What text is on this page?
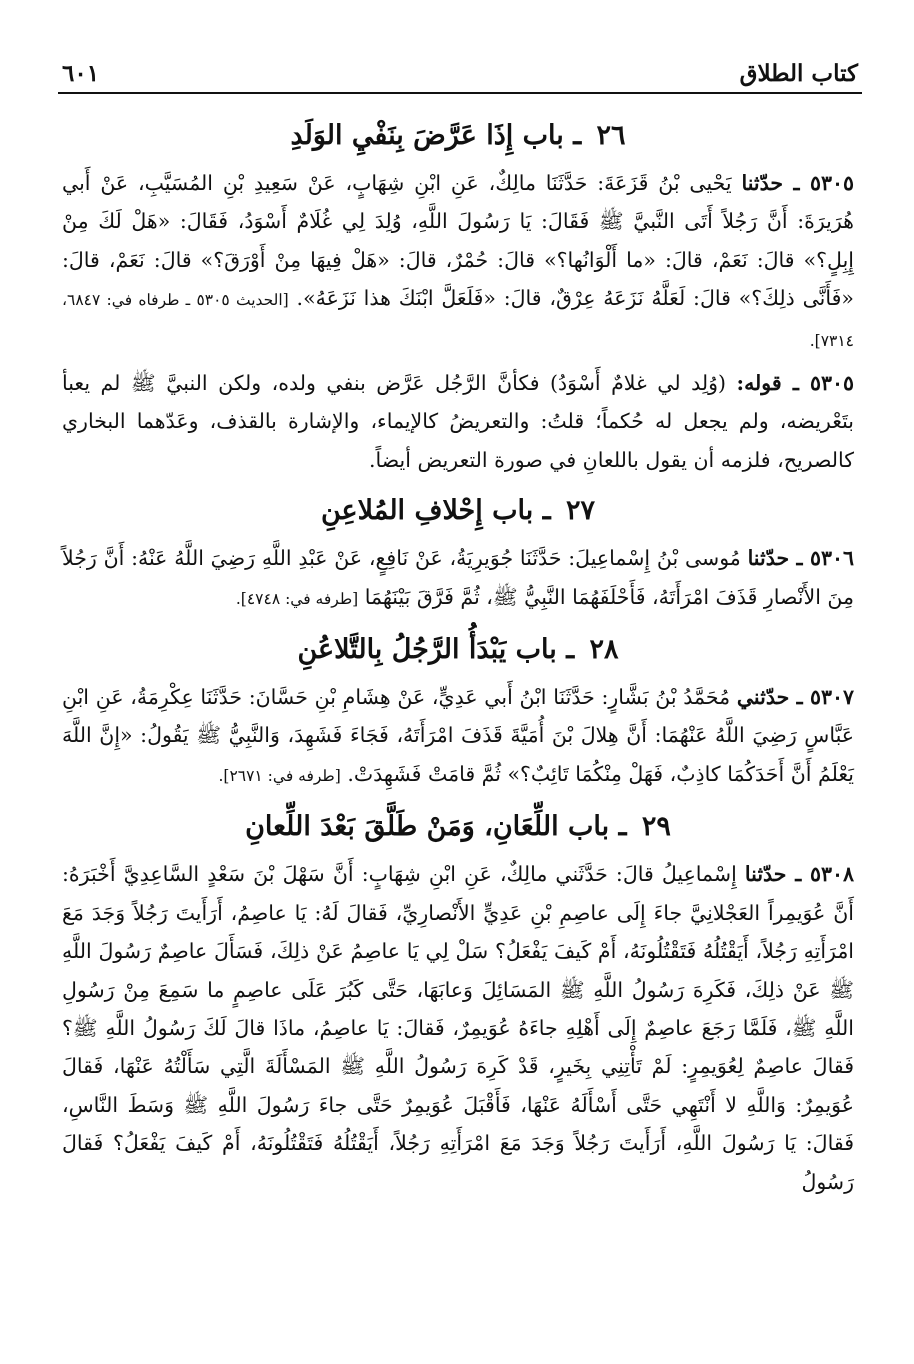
كتاب الطلاق
٦٠١
٢٦ ـ باب إِذَا عَرَّضَ بِنَفْيِ الوَلَدِ

٥٣٠٥ ـ حدّثنا يَحْيى بْنُ قَزَعَةَ: حَدَّثَنَا مالِكٌ، عَنِ ابْنِ شِهَابٍ، عَنْ سَعِيدِ بْنِ المُسَيَّبِ، عَنْ أَبي هُرَيرَةَ: أَنَّ رَجُلاً أَتَى النَّبيَّ ﷺ فَقَالَ: يَا رَسُولَ اللَّهِ، وُلِدَ لِي غُلَامٌ أَسْوَدُ، فَقَالَ: «هَلْ لَكَ مِنْ إِبِلٍ؟» قالَ: نَعَمْ، قالَ: «ما أَلْوَانُها؟» قالَ: حُمْرٌ، قالَ: «هَلْ فِيهَا مِنْ أَوْرَقَ؟» قالَ: نَعَمْ، قالَ: «فَأَنَّى ذلِكَ؟» قالَ: لَعَلَّهُ نَزَعَهُ عِرْقٌ، قالَ: «فَلَعَلَّ ابْنَكَ هذا نَزَعَهُ». [الحديث ٥٣٠٥ ـ طرفاه في: ٦٨٤٧، ٧٣١٤].

٥٣٠٥ ـ قوله: (وُلِد لي غلامٌ أَسْوَدُ) فكأنَّ الرَّجُل عَرَّض بنفي ولده، ولكن النبيَّ ﷺ لم يعبأ بتَعْريضه، ولم يجعل له حُكماً؛ قلتُ: والتعريضُ كالإيماء، والإشارة بالقذف، وعَدّهما البخاري كالصريح، فلزمه أن يقول باللعانِ في صورة التعريض أيضاً.

٢٧ ـ باب إِحْلافِ المُلاعِنِ

٥٣٠٦ ـ حدّثنا مُوسى بْنُ إِسْماعِيلَ: حَدَّثَنَا جُوَيرِيَةُ، عَنْ نَافِعٍ، عَنْ عَبْدِ اللَّهِ رَضِيَ اللَّهُ عَنْهُ: أَنَّ رَجُلاً مِنَ الأَنْصارِ قَذَفَ امْرَأَتَهُ، فَأَحْلَفَهُمَا النَّبِيُّ ﷺ، ثُمَّ فَرَّقَ بَيْنَهُمَا [طرفه في: ٤٧٤٨].

٢٨ ـ باب يَبْدَأُ الرَّجُلُ بِالتَّلاعُنِ

٥٣٠٧ ـ حدّثني مُحَمَّدُ بْنُ بَشَّارٍ: حَدَّثَنَا ابْنُ أَبي عَدِيٍّ، عَنْ هِشَامِ بْنِ حَسَّانَ: حَدَّثَنَا عِكْرِمَةُ، عَنِ ابْنِ عَبَّاسٍ رَضِيَ اللَّهُ عَنْهُمَا: أَنَّ هِلالَ بْنَ أُمَيَّةَ قَذَفَ امْرَأَتَهُ، فَجَاءَ فَشَهِدَ، وَالنَّبِيُّ ﷺ يَقُولُ: «إِنَّ اللَّهَ يَعْلَمُ أَنَّ أَحَدَكُمَا كاذِبٌ، فَهَلْ مِنْكُمَا تَائِبٌ؟» ثُمَّ قامَتْ فَشَهِدَتْ. [طرفه في: ٢٦٧١].

٢٩ ـ باب اللِّعَانِ، وَمَنْ طَلَّقَ بَعْدَ اللِّعانِ

٥٣٠٨ ـ حدّثنا إِسْماعِيلُ قالَ: حَدَّثَني مالِكٌ، عَنِ ابْنِ شِهَابٍ: أَنَّ سَهْلَ بْنَ سَعْدٍ السَّاعِدِيَّ أَخْبَرَهُ: أَنَّ عُوَيمِراً العَجْلانِيَّ جاءَ إِلَى عاصِمِ بْنِ عَدِيٍّ الأَنْصارِيِّ، فَقالَ لَهُ: يَا عاصِمُ، أَرَأَيتَ رَجُلاً وَجَدَ مَعَ امْرَأَتِهِ رَجُلاً، أَيَقْتُلُهُ فَتَقْتُلُونَهُ، أَمْ كَيفَ يَفْعَلُ؟ سَلْ لِي يَا عاصِمُ عَنْ ذلِكَ، فَسَأَلَ عاصِمٌ رَسُولَ اللَّهِ ﷺ عَنْ ذلِكَ، فَكَرِهَ رَسُولُ اللَّهِ ﷺ المَسَائِلَ وَعابَهَا، حَتَّى كَبُرَ عَلَى عاصِمٍ ما سَمِعَ مِنْ رَسُولِ اللَّهِ ﷺ، فَلَمَّا رَجَعَ عاصِمٌ إِلَى أَهْلِهِ جاءَهُ عُوَيمِرٌ، فَقالَ: يَا عاصِمُ، ماذَا قالَ لَكَ رَسُولُ اللَّهِ ﷺ؟ فَقالَ عاصِمٌ لِعُوَيمِرٍ: لَمْ تَأْتِنِي بِخَيرٍ، قَدْ كَرِهَ رَسُولُ اللَّهِ ﷺ المَسْأَلَةَ الَّتِي سَأَلْتُهُ عَنْهَا، فَقالَ عُوَيمِرٌ: وَاللَّهِ لا أَنْتَهِي حَتَّى أَسْأَلَهُ عَنْهَا، فَأَقْبَلَ عُوَيمِرٌ حَتَّى جاءَ رَسُولَ اللَّهِ ﷺ وَسَطَ النَّاسِ، فَقالَ: يَا رَسُولَ اللَّهِ، أَرَأَيتَ رَجُلاً وَجَدَ مَعَ امْرَأَتِهِ رَجُلاً، أَيَقْتُلُهُ فَتَقْتُلُونَهُ، أَمْ كَيفَ يَفْعَلُ؟ فَقالَ رَسُولُ
